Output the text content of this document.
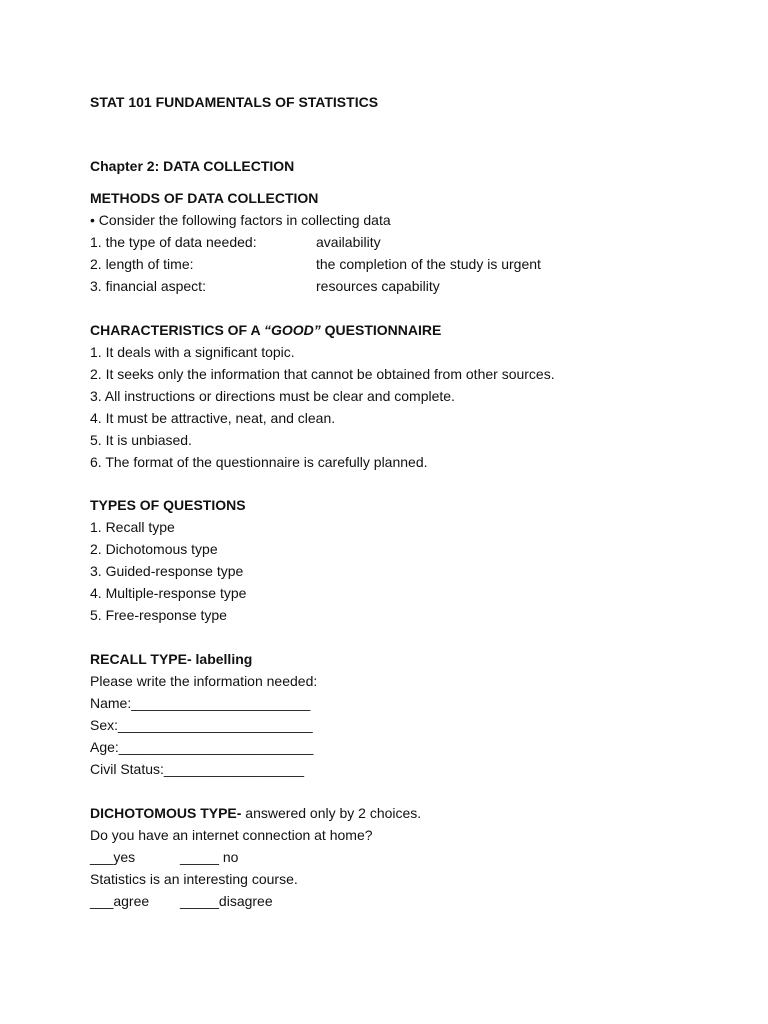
STAT 101 FUNDAMENTALS OF STATISTICS
Chapter 2: DATA COLLECTION
METHODS OF DATA COLLECTION
• Consider the following factors in collecting data
1. the type of data needed:	availability
2. length of time:	the completion of the study is urgent
3. financial aspect:	resources capability
CHARACTERISTICS OF A “GOOD” QUESTIONNAIRE
1. It deals with a significant topic.
2. It seeks only the information that cannot be obtained from other sources.
3. All instructions or directions must be clear and complete.
4. It must be attractive, neat, and clean.
5. It is unbiased.
6. The format of the questionnaire is carefully planned.
TYPES OF QUESTIONS
1. Recall type
2. Dichotomous type
3. Guided-response type
4. Multiple-response type
5. Free-response type
RECALL TYPE- labelling
Please write the information needed:
Name:_______________________
Sex:_________________________
Age:_________________________
Civil Status:__________________
DICHOTOMOUS TYPE- answered only by 2 choices.
Do you have an internet connection at home?
___yes	_____ no
Statistics is an interesting course.
___agree _____disagree
